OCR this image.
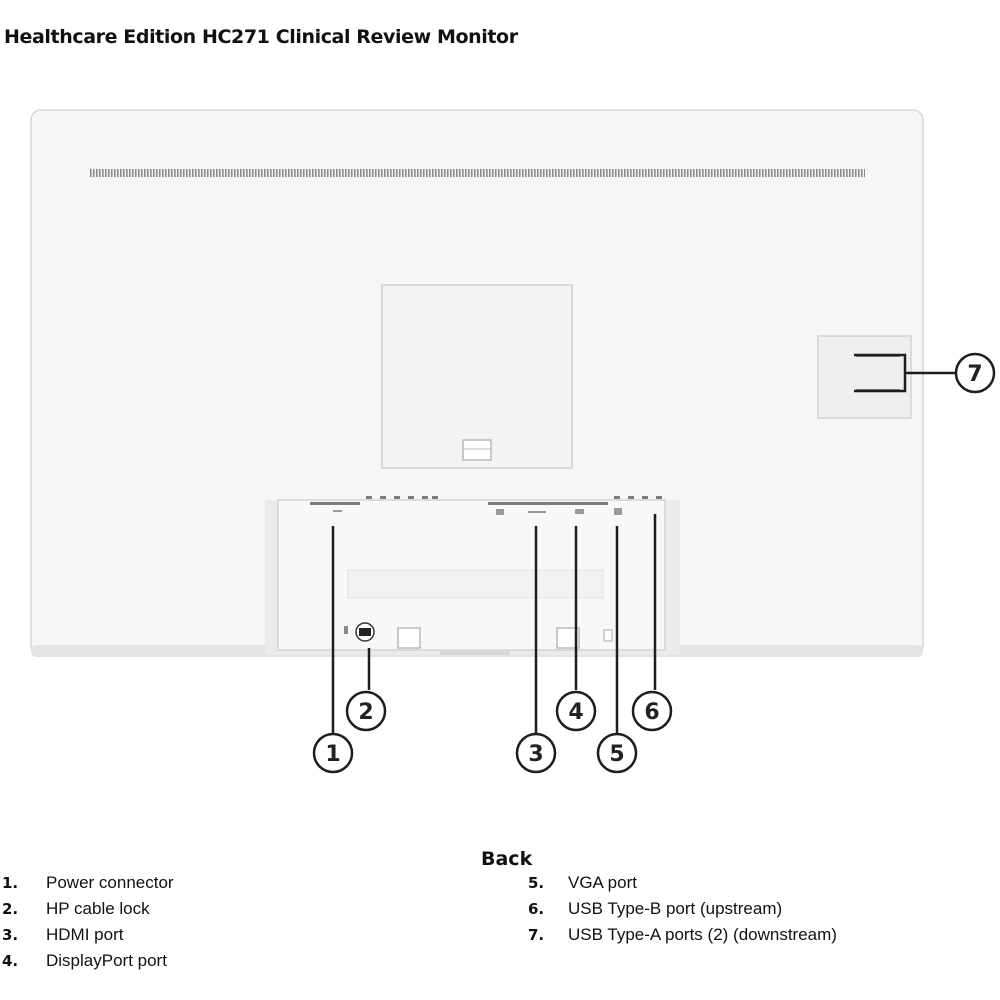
Healthcare Edition HC271 Clinical Review Monitor
1
2
3
4
5
6
7
Back
1. Power connector
2. HP cable lock
3. HDMI port
4. DisplayPort port
5. VGA port
6. USB Type-B port (upstream)
7. USB Type-A ports (2) (downstream)
